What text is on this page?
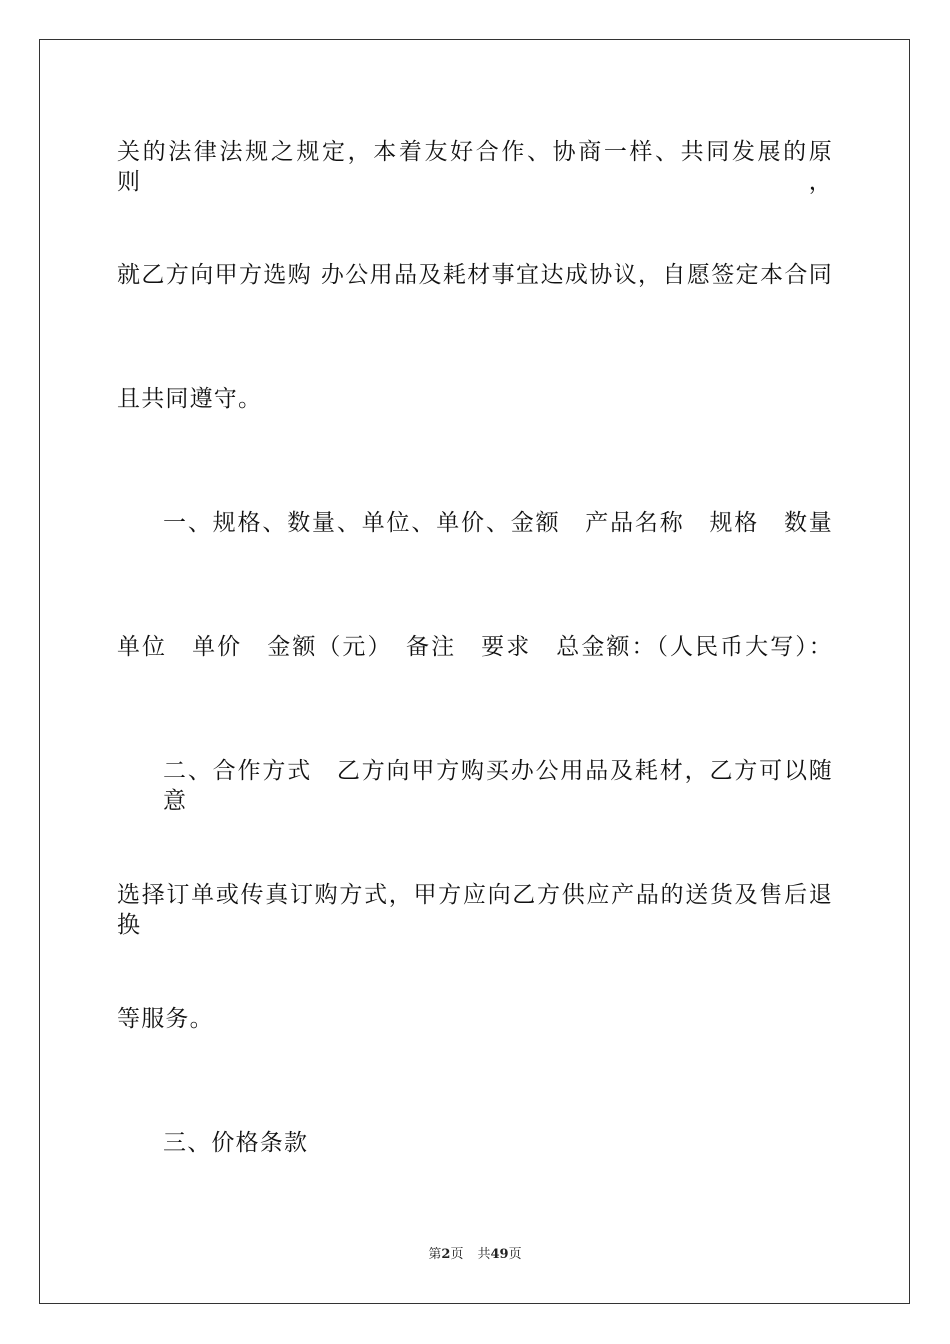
关的法律法规之规定，本着友好合作、协商一样、共同发展的原则，
就乙方向甲方选购 办公用品及耗材事宜达成协议，自愿签定本合同
且共同遵守。
一、规格、数量、单位、单价、金额　产品名称　规格　数量
单位　单价　金额（元）　备注　要求　总金额：（人民币大写）：
二、合作方式　乙方向甲方购买办公用品及耗材，乙方可以随意
选择订单或传真订购方式，甲方应向乙方供应产品的送货及售后退换
等服务。
三、价格条款
第2页 共49页
